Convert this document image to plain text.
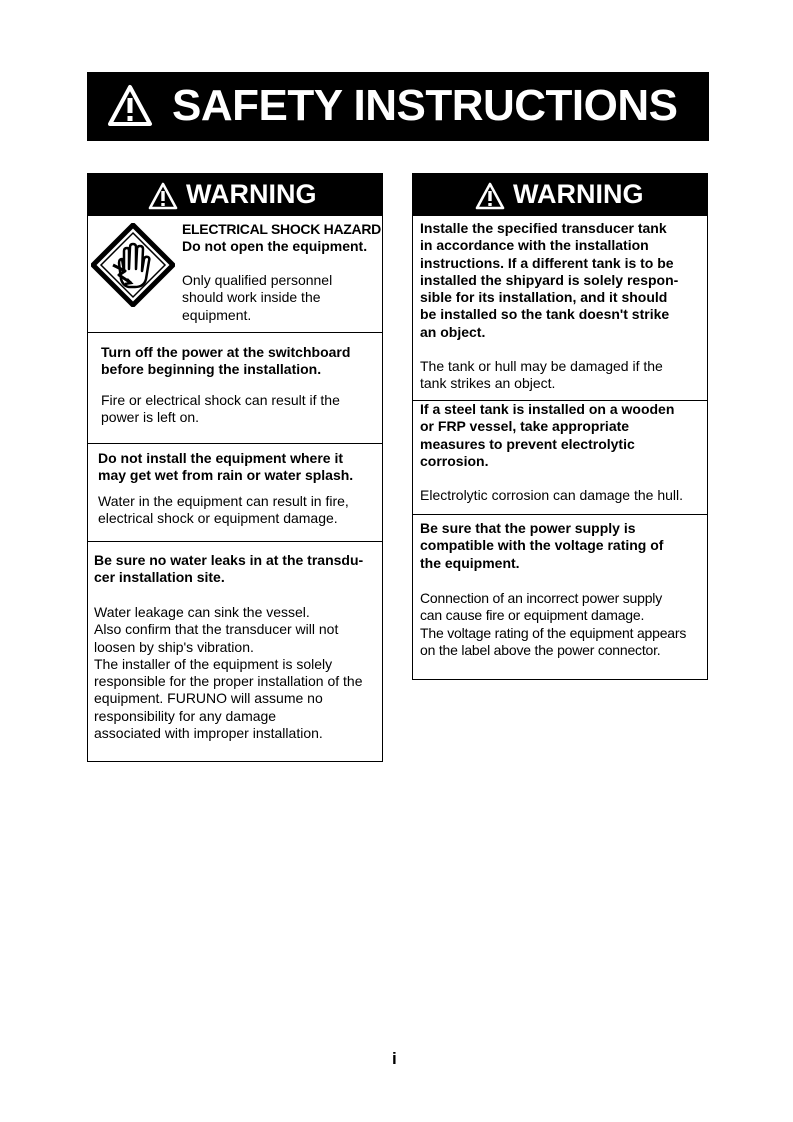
SAFETY INSTRUCTIONS
WARNING
ELECTRICAL SHOCK HAZARD
Do not open the equipment.
Only qualified personnel
should work inside the
equipment.
Turn off the power at the switchboard
before beginning the installation.
Fire or electrical shock can result if the
power is left on.
Do not install the equipment where it
may get wet from rain or water splash.
Water in the equipment can result in fire,
electrical shock or equipment damage.
Be sure no water leaks in at the transdu-
cer installation site.
Water leakage can sink the vessel.
Also confirm that the transducer will not
loosen by ship's vibration.
The installer of the equipment is solely
responsible for the proper installation of the
equipment. FURUNO will assume no
responsibility for any damage
associated with improper installation.
WARNING
Installe the specified transducer tank
in accordance with the installation
instructions. If a different tank is to be
installed the shipyard is solely respon-
sible for its installation, and it should
be installed so the tank doesn't strike
an object.
The tank or hull may be damaged if the
tank strikes an object.
If a steel tank is installed on a wooden
or FRP vessel, take appropriate
measures to prevent electrolytic
corrosion.
Electrolytic corrosion can damage the hull.
Be sure that the power supply is
compatible with the voltage rating of
the equipment.
Connection of an incorrect power supply
can cause fire or equipment damage.
The voltage rating of the equipment appears
on the label above the power connector.
i
